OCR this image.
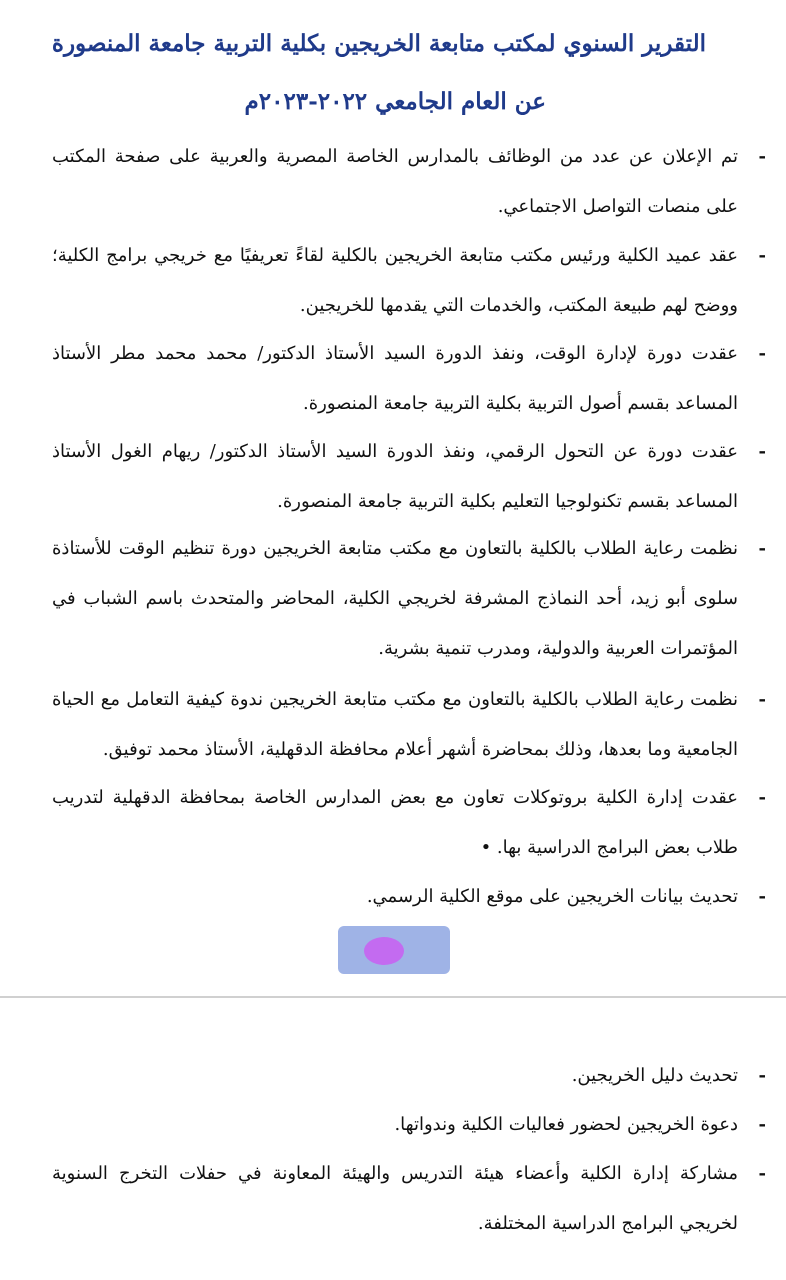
التقرير السنوي لمكتب متابعة الخريجين بكلية التربية جامعة المنصورة
عن العام الجامعي ٢٠٢٢-٢٠٢٣م
-
تم الإعلان عن عدد من الوظائف بالمدارس الخاصة المصرية والعربية على صفحة المكتب على منصات التواصل الاجتماعي.
-
عقد عميد الكلية ورئيس مكتب متابعة الخريجين بالكلية لقاءً تعريفيًا مع خريجي برامج الكلية؛ ووضح لهم طبيعة المكتب، والخدمات التي يقدمها للخريجين.
-
عقدت دورة لإدارة الوقت، ونفذ الدورة السيد الأستاذ الدكتور/ محمد محمد مطر الأستاذ المساعد بقسم أصول التربية بكلية التربية جامعة المنصورة.
-
عقدت دورة عن التحول الرقمي، ونفذ الدورة السيد الأستاذ الدكتور/ ريهام الغول الأستاذ المساعد بقسم تكنولوجيا التعليم بكلية التربية جامعة المنصورة.
-
نظمت رعاية الطلاب بالكلية بالتعاون مع مكتب متابعة الخريجين دورة تنظيم الوقت للأستاذة سلوى أبو زيد، أحد النماذج المشرفة لخريجي الكلية، المحاضر والمتحدث باسم الشباب في المؤتمرات العربية والدولية، ومدرب تنمية بشرية.
-
نظمت رعاية الطلاب بالكلية بالتعاون مع مكتب متابعة الخريجين ندوة كيفية التعامل مع الحياة الجامعية وما بعدها، وذلك بمحاضرة أشهر أعلام محافظة الدقهلية، الأستاذ محمد توفيق.
-
عقدت إدارة الكلية بروتوكلات تعاون مع بعض المدارس الخاصة بمحافظة الدقهلية لتدريب طلاب بعض البرامج الدراسية بها. •
-
تحديث بيانات الخريجين على موقع الكلية الرسمي.
-
تحديث دليل الخريجين.
-
دعوة الخريجين لحضور فعاليات الكلية وندواتها.
-
مشاركة إدارة الكلية وأعضاء هيئة التدريس والهيئة المعاونة في حفلات التخرج السنوية لخريجي البرامج الدراسية المختلفة.
